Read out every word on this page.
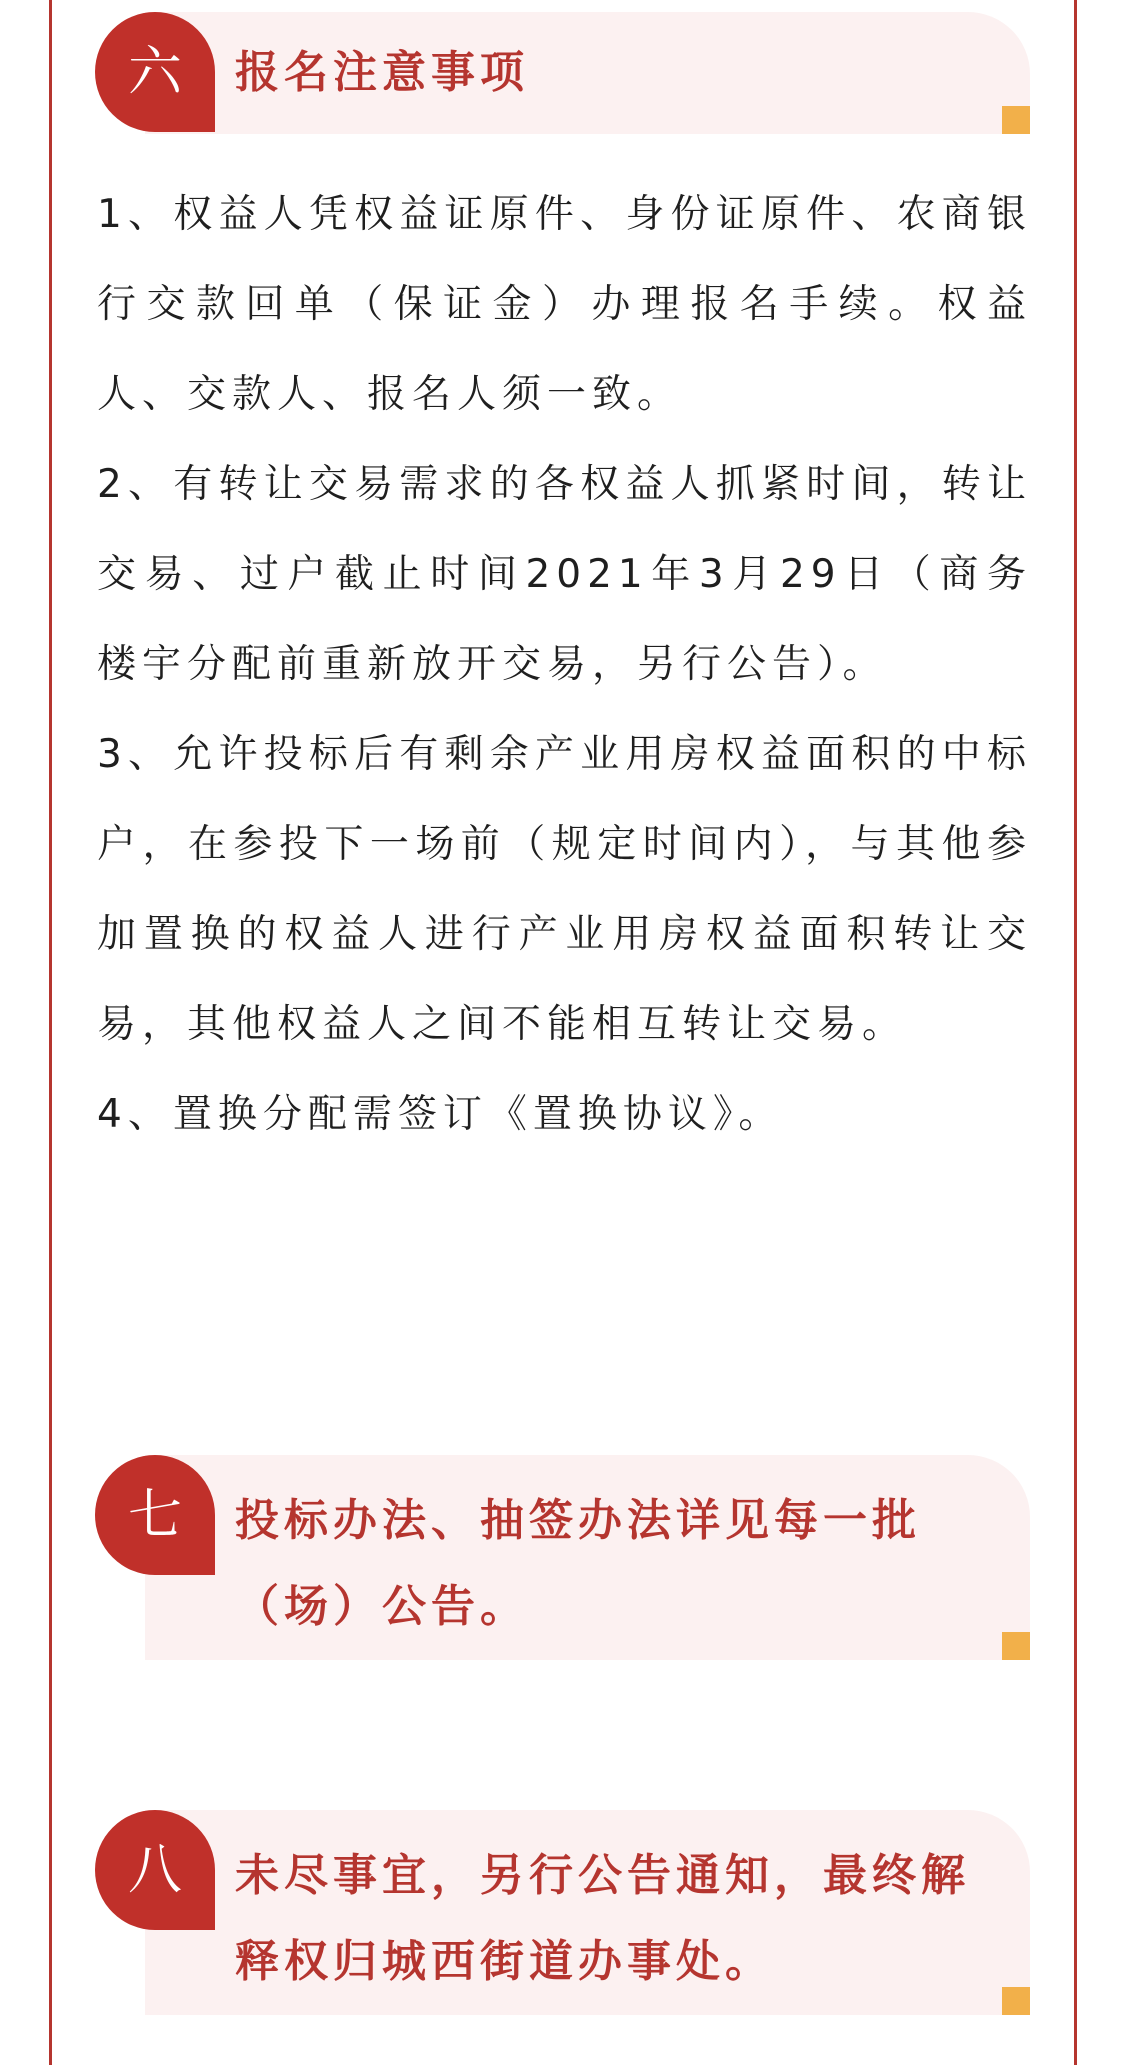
六	报名注意事项

1、权益人凭权益证原件、身份证原件、农商银行交款回单（保证金）办理报名手续。权益人、交款人、报名人须一致。

2、有转让交易需求的各权益人抓紧时间，转让交易、过户截止时间2021年3月29日（商务楼宇分配前重新放开交易，另行公告）。

3、允许投标后有剩余产业用房权益面积的中标户，在参投下一场前（规定时间内），与其他参加置换的权益人进行产业用房权益面积转让交易，其他权益人之间不能相互转让交易。

4、置换分配需签订《置换协议》。

七	投标办法、抽签办法详见每一批（场）公告。
八	未尽事宜，另行公告通知，最终解释权归城西街道办事处。
